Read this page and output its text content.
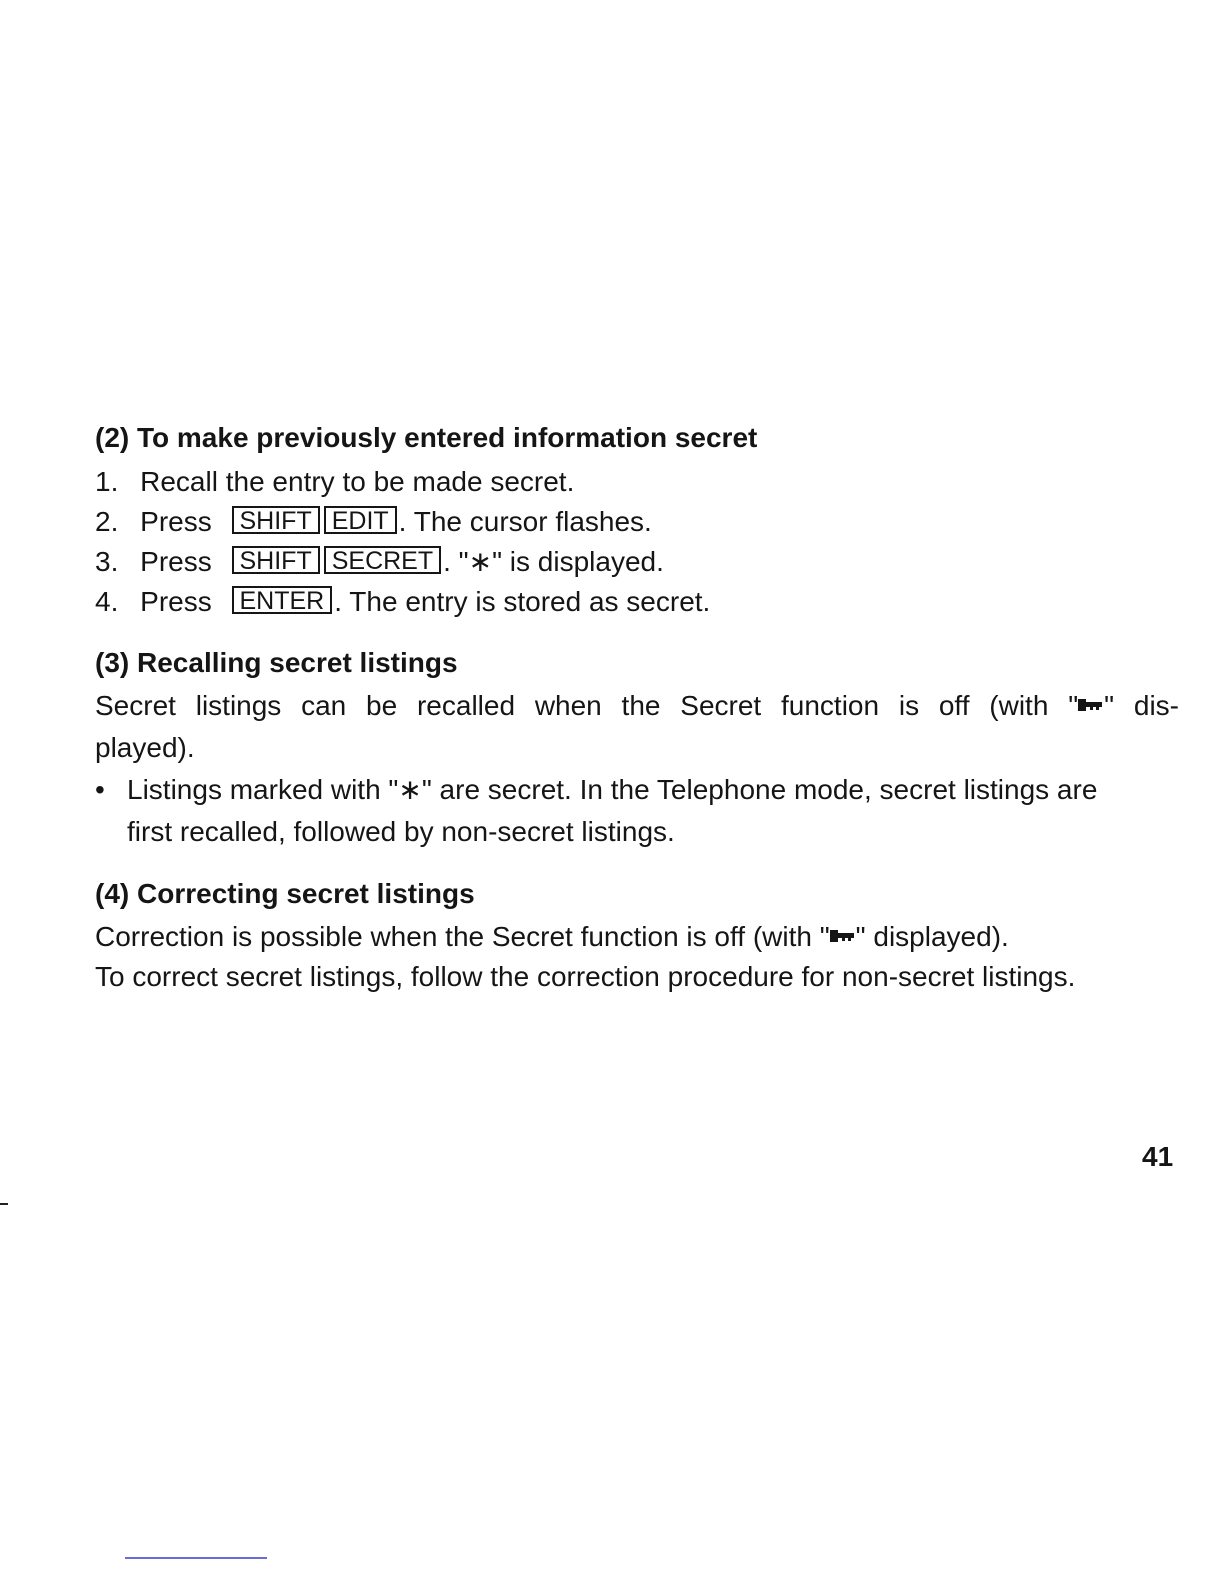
(2) To make previously entered information secret
1. Recall the entry to be made secret.
2. Press SHIFT EDIT . The cursor flashes.
3. Press SHIFT SECRET . "∗" is displayed.
4. Press ENTER . The entry is stored as secret.
(3) Recalling secret listings
Secret listings can be recalled when the Secret function is off (with " " dis-
played).
• Listings marked with "∗" are secret. In the Telephone mode, secret listings are
first recalled, followed by non-secret listings.
(4) Correcting secret listings
Correction is possible when the Secret function is off (with " " displayed).
To correct secret listings, follow the correction procedure for non-secret listings.
41
